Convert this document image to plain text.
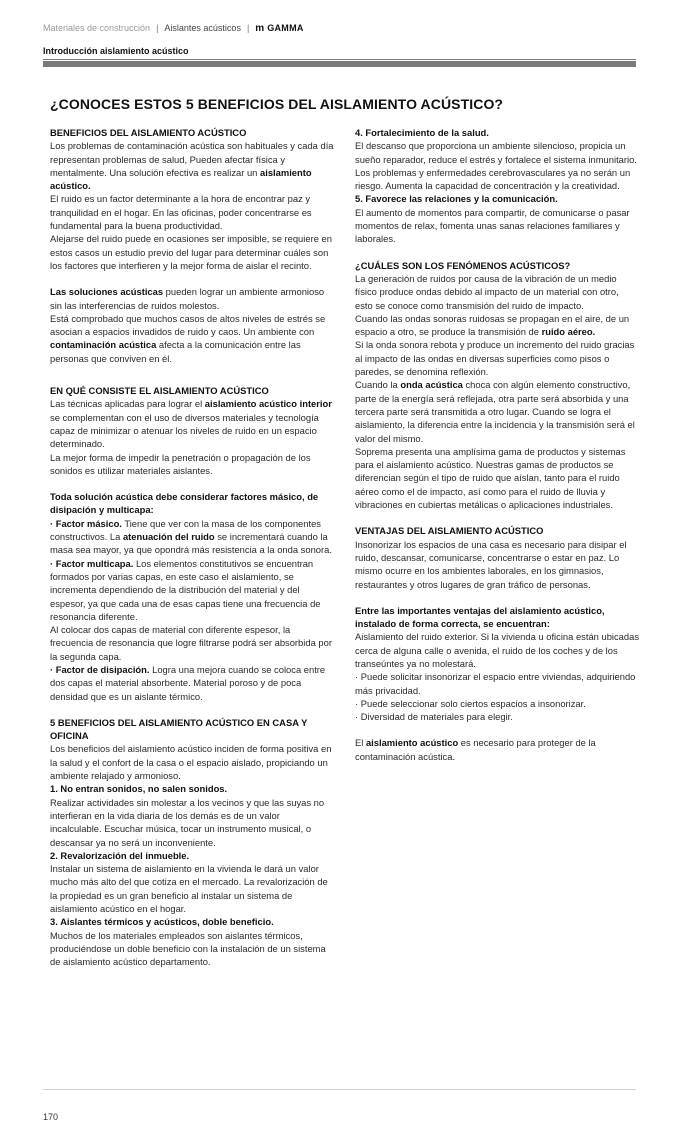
Materiales de construcción | Aislantes acústicos | m GAMMA
Introducción aislamiento acústico
¿CONOCES ESTOS 5 BENEFICIOS DEL AISLAMIENTO ACÚSTICO?

BENEFICIOS DEL AISLAMIENTO ACÚSTICO

Los problemas de contaminación acústica son habituales y cada día representan problemas de salud, Pueden afectar física y mentalmente. Una solución efectiva es realizar un aislamiento acústico.

El ruido es un factor determinante a la hora de encontrar paz y tranquilidad en el hogar. En las oficinas, poder concentrarse es fundamental para la buena productividad.

Alejarse del ruido puede en ocasiones ser imposible, se requiere en estos casos un estudio previo del lugar para determinar cuáles son los factores que interfieren y la mejor forma de aislar el recinto.

Las soluciones acústicas pueden lograr un ambiente armonioso sin las interferencias de ruidos molestos.

Está comprobado que muchos casos de altos niveles de estrés se asocian a espacios invadidos de ruido y caos. Un ambiente con contaminación acústica afecta a la comunicación entre las personas que conviven en él.

EN QUÉ CONSISTE EL AISLAMIENTO ACÚSTICO

Las técnicas aplicadas para lograr el aislamiento acústico interior se complementan con el uso de diversos materiales y tecnología capaz de minimizar o atenuar los niveles de ruido en un espacio determinado.

La mejor forma de impedir la penetración o propagación de los sonidos es utilizar materiales aislantes.

Toda solución acústica debe considerar factores másico, de disipación y multicapa:

· Factor másico. Tiene que ver con la masa de los componentes constructivos. La atenuación del ruido se incrementará cuando la masa sea mayor, ya que opondrá más resistencia a la onda sonora.

· Factor multicapa. Los elementos constitutivos se encuentran formados por varias capas, en este caso el aislamiento, se incrementa dependiendo de la distribución del material y del espesor, ya que cada una de esas capas tiene una frecuencia de resonancia diferente.

Al colocar dos capas de material con diferente espesor, la frecuencia de resonancia que logre filtrarse podrá ser absorbida por la segunda capa.

· Factor de disipación. Logra una mejora cuando se coloca entre dos capas el material absorbente. Material poroso y de poca densidad que es un aislante térmico.

5 BENEFICIOS DEL AISLAMIENTO ACÚSTICO EN CASA Y OFICINA

Los beneficios del aislamiento acústico inciden de forma positiva en la salud y el confort de la casa o el espacio aislado, propiciando un ambiente relajado y armonioso.

1. No entran sonidos, no salen sonidos.

Realizar actividades sin molestar a los vecinos y que las suyas no interfieran en la vida diaria de los demás es de un valor incalculable. Escuchar música, tocar un instrumento musical, o descansar ya no será un inconveniente.

2. Revalorización del inmueble.

Instalar un sistema de aislamiento en la vivienda le dará un valor mucho más alto del que cotiza en el mercado. La revalorización de la propiedad es un gran beneficio al instalar un sistema de aislamiento acústico en el hogar.

3. Aislantes térmicos y acústicos, doble beneficio.

Muchos de los materiales empleados son aislantes térmicos, produciéndose un doble beneficio con la instalación de un sistema de aislamiento acústico departamento.

4. Fortalecimiento de la salud.

El descanso que proporciona un ambiente silencioso, propicia un sueño reparador, reduce el estrés y fortalece el sistema inmunitario. Los problemas y enfermedades cerebrovasculares ya no serán un riesgo. Aumenta la capacidad de concentración y la creatividad.

5. Favorece las relaciones y la comunicación.

El aumento de momentos para compartir, de comunicarse o pasar momentos de relax, fomenta unas sanas relaciones familiares y laborales.

¿CUÁLES SON LOS FENÓMENOS ACÚSTICOS?

La generación de ruidos por causa de la vibración de un medio físico produce ondas debido al impacto de un material con otro, esto se conoce como transmisión del ruido de impacto.

Cuando las ondas sonoras ruidosas se propagan en el aire, de un espacio a otro, se produce la transmisión de ruido aéreo.

Si la onda sonora rebota y produce un incremento del ruido gracias al impacto de las ondas en diversas superficies como pisos o paredes, se denomina reflexión.

Cuando la onda acústica choca con algún elemento constructivo, parte de la energía será reflejada, otra parte será absorbida y una tercera parte será transmitida a otro lugar. Cuando se logra el aislamiento, la diferencia entre la incidencia y la transmisión será el valor del mismo.

Soprema presenta una amplísima gama de productos y sistemas para el aislamiento acústico. Nuestras gamas de productos se diferencian según el tipo de ruido que aíslan, tanto para el ruido aéreo como el de impacto, así como para el ruido de lluvia y vibraciones en cubiertas metálicas o aplicaciones industriales.

VENTAJAS DEL AISLAMIENTO ACÚSTICO

Insonorizar los espacios de una casa es necesario para disipar el ruido, descansar, comunicarse, concentrarse o estar en paz. Lo mismo ocurre en los ambientes laborales, en los gimnasios, restaurantes y otros lugares de gran tráfico de personas.

Entre las importantes ventajas del aislamiento acústico, instalado de forma correcta, se encuentran:

Aislamiento del ruido exterior. Si la vivienda u oficina están ubicadas cerca de alguna calle o avenida, el ruido de los coches y de los transeúntes ya no molestará.

· Puede solicitar insonorizar el espacio entre viviendas, adquiriendo más privacidad.

· Puede seleccionar solo ciertos espacios a insonorizar.

· Diversidad de materiales para elegir.

El aislamiento acústico es necesario para proteger de la contaminación acústica.

170
